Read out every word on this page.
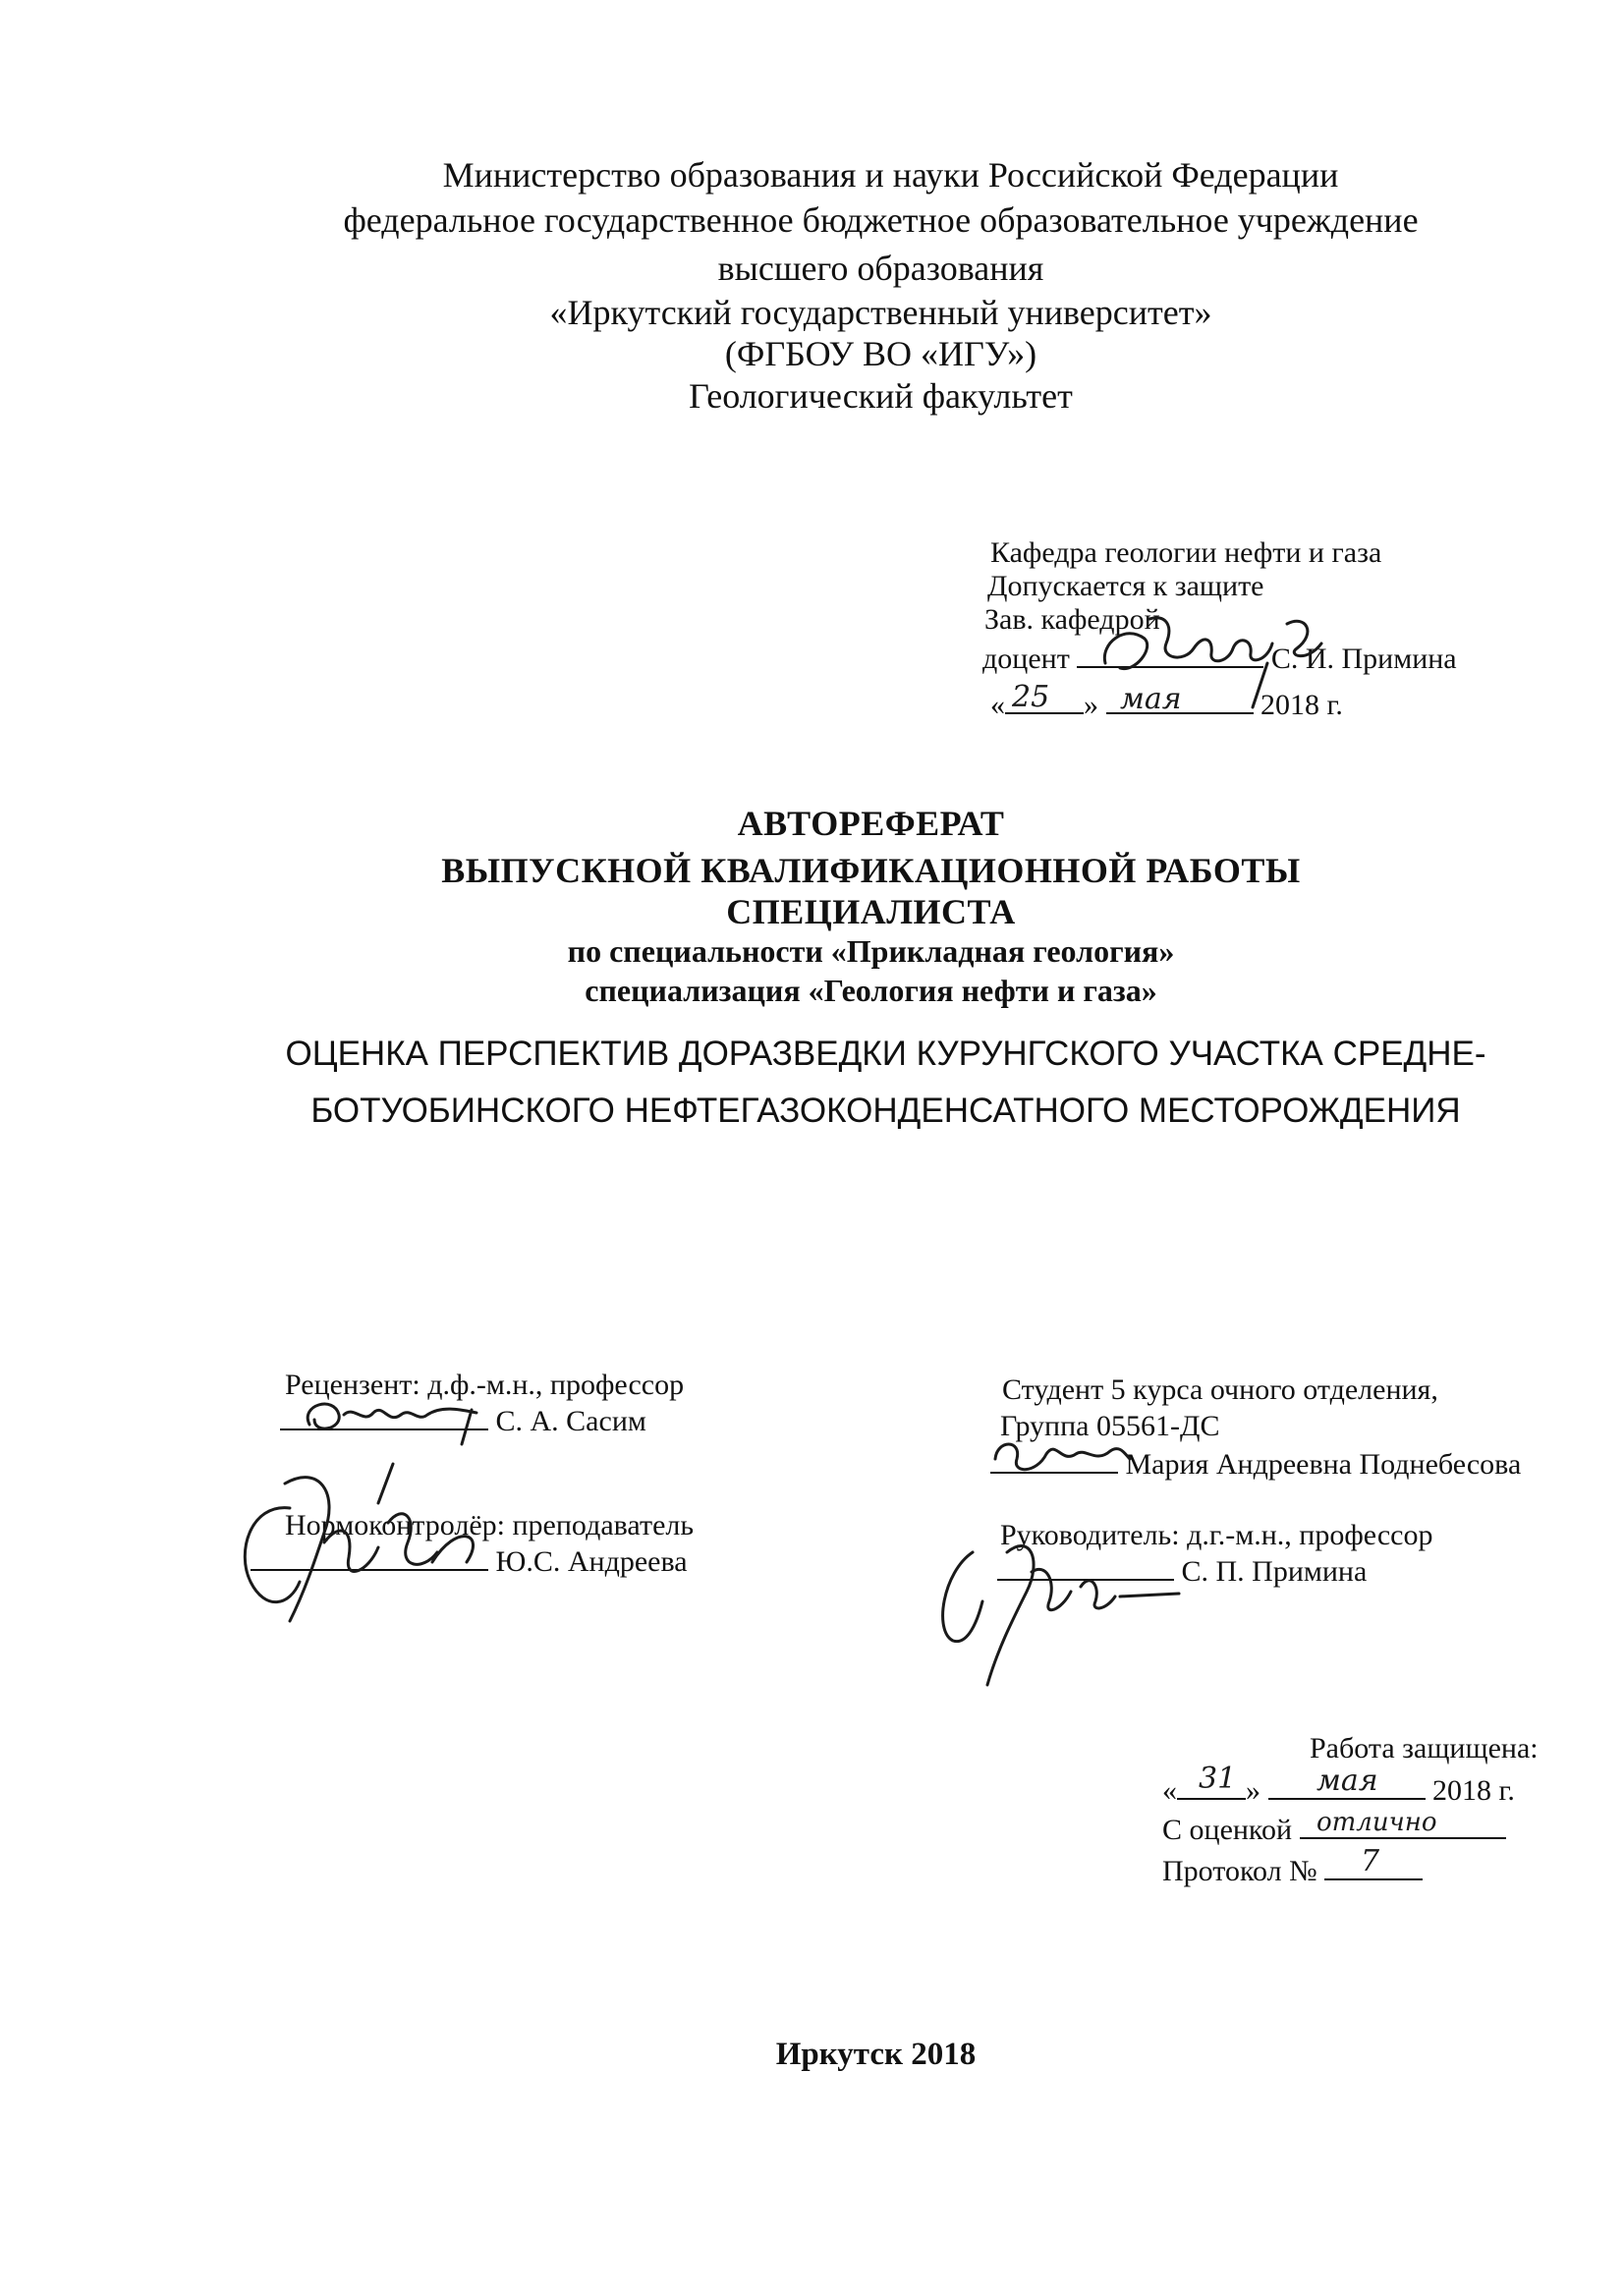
Министерство образования и науки Российской Федерации
федеральное государственное бюджетное образовательное учреждение
высшего образования
«Иркутский государственный университет»
(ФГБОУ ВО «ИГУ»)
Геологический факультет
Кафедра геологии нефти и газа
Допускается к защите
Зав. кафедрой
доцент	С. И. Примина
«	»	2018 г.
25 мая
АВТОРЕФЕРАТ
ВЫПУСКНОЙ КВАЛИФИКАЦИОННОЙ РАБОТЫ
СПЕЦИАЛИСТА
по специальности «Прикладная геология»
специализация «Геология нефти и газа»
ОЦЕНКА ПЕРСПЕКТИВ ДОРАЗВЕДКИ КУРУНГСКОГО УЧАСТКА СРЕДНЕ-
БОТУОБИНСКОГО НЕФТЕГАЗОКОНДЕНСАТНОГО МЕСТОРОЖДЕНИЯ
Рецензент: д.ф.-м.н., профессор
С. А. Сасим
Нормоконтролёр: преподаватель
Ю.С. Андреева
Студент 5 курса очного отделения,
Группа 05561-ДС
Мария Андреевна Поднебесова
Руководитель: д.г.-м.н., профессор
С. П. Примина
Работа защищена:
« »	2018 г.
31	мая
С оценкой отлично
Протокол №	7
Иркутск 2018
